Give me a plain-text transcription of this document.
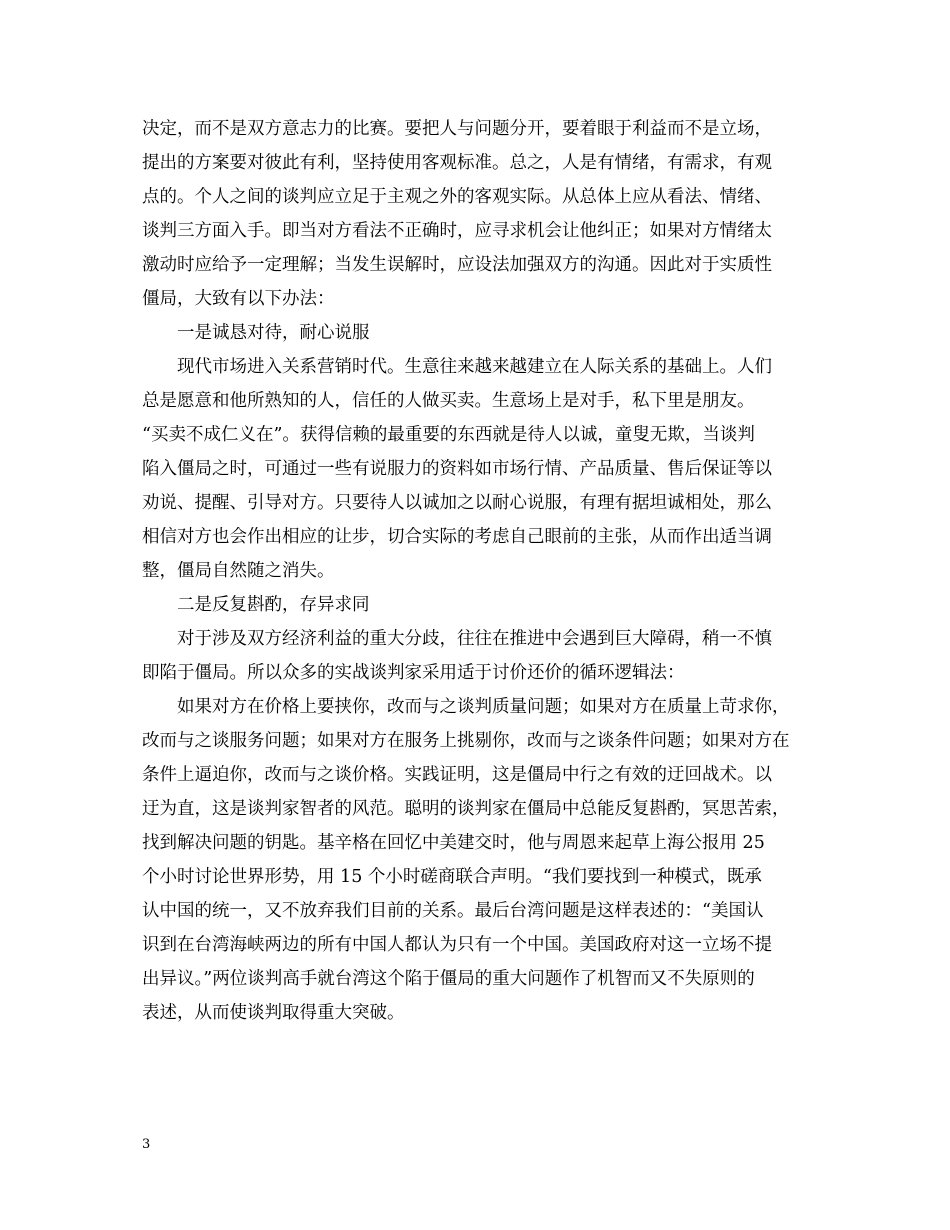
决定，而不是双方意志力的比赛。要把人与问题分开，要着眼于利益而不是立场，
提出的方案要对彼此有利，坚持使用客观标准。总之，人是有情绪，有需求，有观
点的。个人之间的谈判应立足于主观之外的客观实际。从总体上应从看法、情绪、
谈判三方面入手。即当对方看法不正确时，应寻求机会让他纠正；如果对方情绪太
激动时应给予一定理解；当发生误解时，应设法加强双方的沟通。因此对于实质性
僵局，大致有以下办法：
一是诚恳对待，耐心说服
现代市场进入关系营销时代。生意往来越来越建立在人际关系的基础上。人们
总是愿意和他所熟知的人，信任的人做买卖。生意场上是对手，私下里是朋友。
“买卖不成仁义在”。获得信赖的最重要的东西就是待人以诚，童叟无欺，当谈判
陷入僵局之时，可通过一些有说服力的资料如市场行情、产品质量、售后保证等以
劝说、提醒、引导对方。只要待人以诚加之以耐心说服，有理有据坦诚相处，那么
相信对方也会作出相应的让步，切合实际的考虑自己眼前的主张，从而作出适当调
整，僵局自然随之消失。
二是反复斟酌，存异求同
对于涉及双方经济利益的重大分歧，往往在推进中会遇到巨大障碍，稍一不慎
即陷于僵局。所以众多的实战谈判家采用适于讨价还价的循环逻辑法：
如果对方在价格上要挟你，改而与之谈判质量问题；如果对方在质量上苛求你，
改而与之谈服务问题；如果对方在服务上挑剔你，改而与之谈条件问题；如果对方在
条件上逼迫你，改而与之谈价格。实践证明，这是僵局中行之有效的迂回战术。以
迂为直，这是谈判家智者的风范。聪明的谈判家在僵局中总能反复斟酌，冥思苦索，
找到解决问题的钥匙。基辛格在回忆中美建交时，他与周恩来起草上海公报用 25
个小时讨论世界形势，用 15 个小时磋商联合声明。“我们要找到一种模式，既承
认中国的统一，又不放弃我们目前的关系。最后台湾问题是这样表述的：“美国认
识到在台湾海峡两边的所有中国人都认为只有一个中国。美国政府对这一立场不提
出异议。”两位谈判高手就台湾这个陷于僵局的重大问题作了机智而又不失原则的
表述，从而使谈判取得重大突破。
3
